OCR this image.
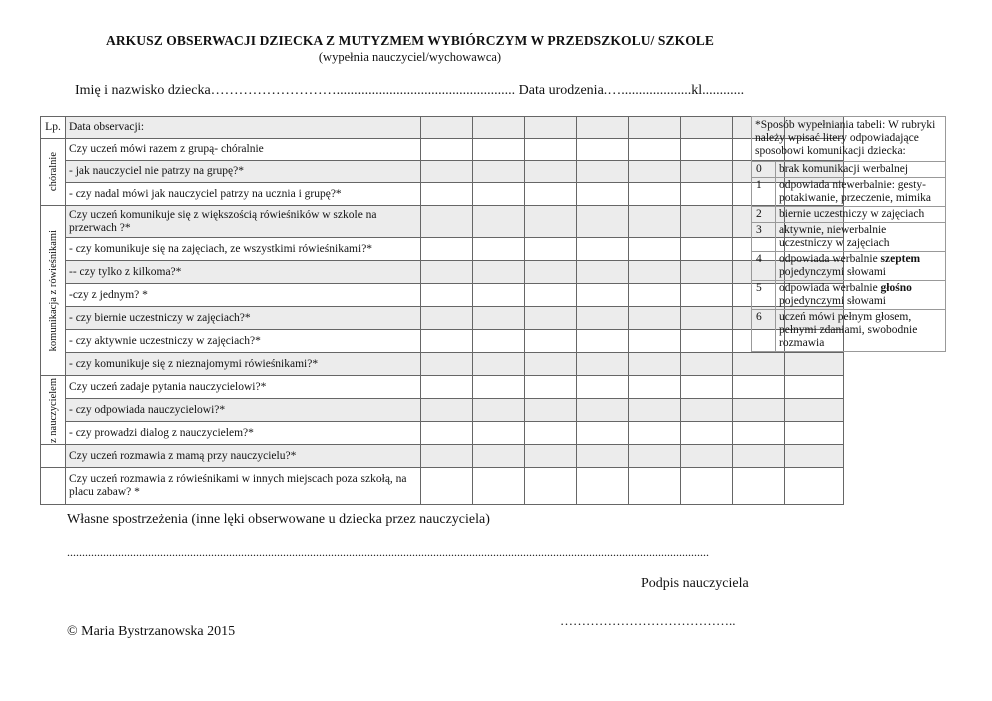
ARKUSZ OBSERWACJI DZIECKA Z MUTYZMEM WYBIÓRCZYM W PRZEDSZKOLU/ SZKOLE
(wypełnia nauczyciel/wychowawca)
Imię i nazwisko dziecka………………………................................................... Data urodzenia.…....................kl............
Lp.	Data observacji:								

chóralnie	Czy uczeń mówi razem z grupą- chóralnie								
	- jak nauczyciel nie patrzy na grupę?*								
	- czy nadal mówi jak nauczyciel patrzy na ucznia i grupę?*								

komunikacja z rówieśnikami	Czy uczeń komunikuje się z większością rówieśników w szkole na przerwach ?*								
	- czy komunikuje się na zajęciach, ze wszystkimi rówieśnikami?*								
	-- czy tylko z kilkoma?*								
	-czy z jednym? *								
	- czy biernie uczestniczy w zajęciach?*								
	- czy aktywnie uczestniczy w zajęciach?*								
	- czy komunikuje się z nieznajomymi rówieśnikami?*								

z nauczycielem	Czy uczeń zadaje pytania nauczycielowi?*								
	- czy odpowiada nauczycielowi?*								
	- czy prowadzi dialog z nauczycielem?*								
	Czy uczeń rozmawia z mamą przy nauczycielu?*								
	Czy uczeń rozmawia z rówieśnikami w innych miejscach poza szkołą, na placu zabaw? *								
*Sposób wypełniania tabeli: W rubryki należy wpisać litery odpowiadające sposobowi komunikacji dziecka:	
0	brak komunikacji werbalnej
1	odpowiada niewerbalnie: gesty- potakiwanie, przeczenie, mimika
2	biernie uczestniczy w zajęciach
3	aktywnie, niewerbalnie uczestniczy w zajęciach
4	odpowiada werbalnie szeptem pojedynczymi słowami
5	odpowiada werbalnie głośno pojedynczymi słowami
6	uczeń mówi pełnym głosem, pełnymi zdaniami, swobodnie rozmawia
Własne spostrzeżenia (inne lęki obserwowane u dziecka przez nauczyciela)
......................................................................................................................................................................................................................
Podpis nauczyciela
…………………………………..
© Maria Bystrzanowska 2015
